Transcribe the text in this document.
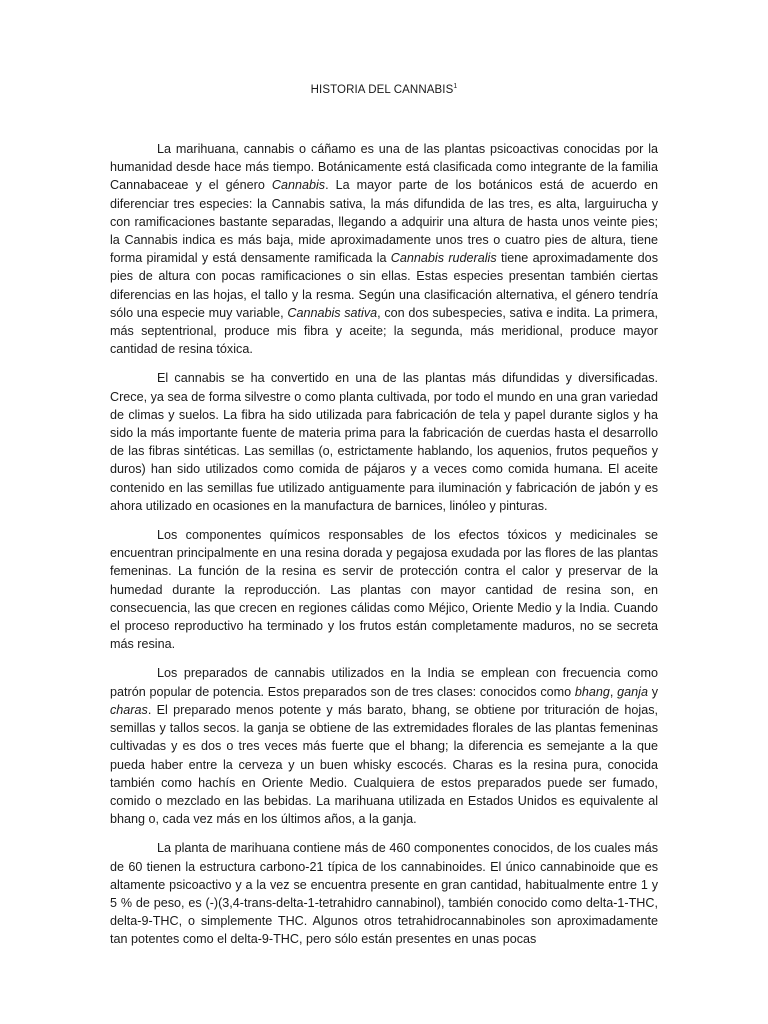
HISTORIA DEL CANNABIS$^1$

La marihuana, cannabis o cáñamo es una de las plantas psicoactivas conocidas por la humanidad desde hace más tiempo. Botánicamente está clasificada como integrante de la familia Cannabaceae y el género Cannabis. La mayor parte de los botánicos está de acuerdo en diferenciar tres especies: la Cannabis sativa, la más difundida de las tres, es alta, larguirucha y con ramificaciones bastante separadas, llegando a adquirir una altura de hasta unos veinte pies; la Cannabis indica es más baja, mide aproximadamente unos tres o cuatro pies de altura, tiene forma piramidal y está densamente ramificada la Cannabis ruderalis tiene aproximadamente dos pies de altura con pocas ramificaciones o sin ellas. Estas especies presentan también ciertas diferencias en las hojas, el tallo y la resma. Según una clasificación alternativa, el género tendría sólo una especie muy variable, Cannabis sativa, con dos subespecies, sativa e indita. La primera, más septentrional, produce mis fibra y aceite; la segunda, más meridional, produce mayor cantidad de resina tóxica.

El cannabis se ha convertido en una de las plantas más difundidas y diversificadas. Crece, ya sea de forma silvestre o como planta cultivada, por todo el mundo en una gran variedad de climas y suelos. La fibra ha sido utilizada para fabricación de tela y papel durante siglos y ha sido la más importante fuente de materia prima para la fabricación de cuerdas hasta el desarrollo de las fibras sintéticas. Las semillas (o, estrictamente hablando, los aquenios, frutos pequeños y duros) han sido utilizados como comida de pájaros y a veces como comida humana. El aceite contenido en las semillas fue utilizado antiguamente para iluminación y fabricación de jabón y es ahora utilizado en ocasiones en la manufactura de barnices, linóleo y pinturas.

Los componentes químicos responsables de los efectos tóxicos y medicinales se encuentran principalmente en una resina dorada y pegajosa exudada por las flores de las plantas femeninas. La función de la resina es servir de protección contra el calor y preservar de la humedad durante la reproducción. Las plantas con mayor cantidad de resina son, en consecuencia, las que crecen en regiones cálidas como Méjico, Oriente Medio y la India. Cuando el proceso reproductivo ha terminado y los frutos están completamente maduros, no se secreta más resina.

Los preparados de cannabis utilizados en la India se emplean con frecuencia como patrón popular de potencia. Estos preparados son de tres clases: conocidos como bhang, ganja y charas. El preparado menos potente y más barato, bhang, se obtiene por trituración de hojas, semillas y tallos secos. la ganja se obtiene de las extremidades florales de las plantas femeninas cultivadas y es dos o tres veces más fuerte que el bhang; la diferencia es semejante a la que pueda haber entre la cerveza y un buen whisky escocés. Charas es la resina pura, conocida también como hachís en Oriente Medio. Cualquiera de estos preparados puede ser fumado, comido o mezclado en las bebidas. La marihuana utilizada en Estados Unidos es equivalente al bhang o, cada vez más en los últimos años, a la ganja.

La planta de marihuana contiene más de 460 componentes conocidos, de los cuales más de 60 tienen la estructura carbono-21 típica de los cannabinoides. El único cannabinoide que es altamente psicoactivo y a la vez se encuentra presente en gran cantidad, habitualmente entre 1 y 5 % de peso, es (-)(3,4-trans-delta-1-tetrahidro cannabinol), también conocido como delta-1-THC, delta-9-THC, o simplemente THC. Algunos otros tetrahidrocannabinoles son aproximadamente tan potentes como el delta-9-THC, pero sólo están presentes en unas pocas
